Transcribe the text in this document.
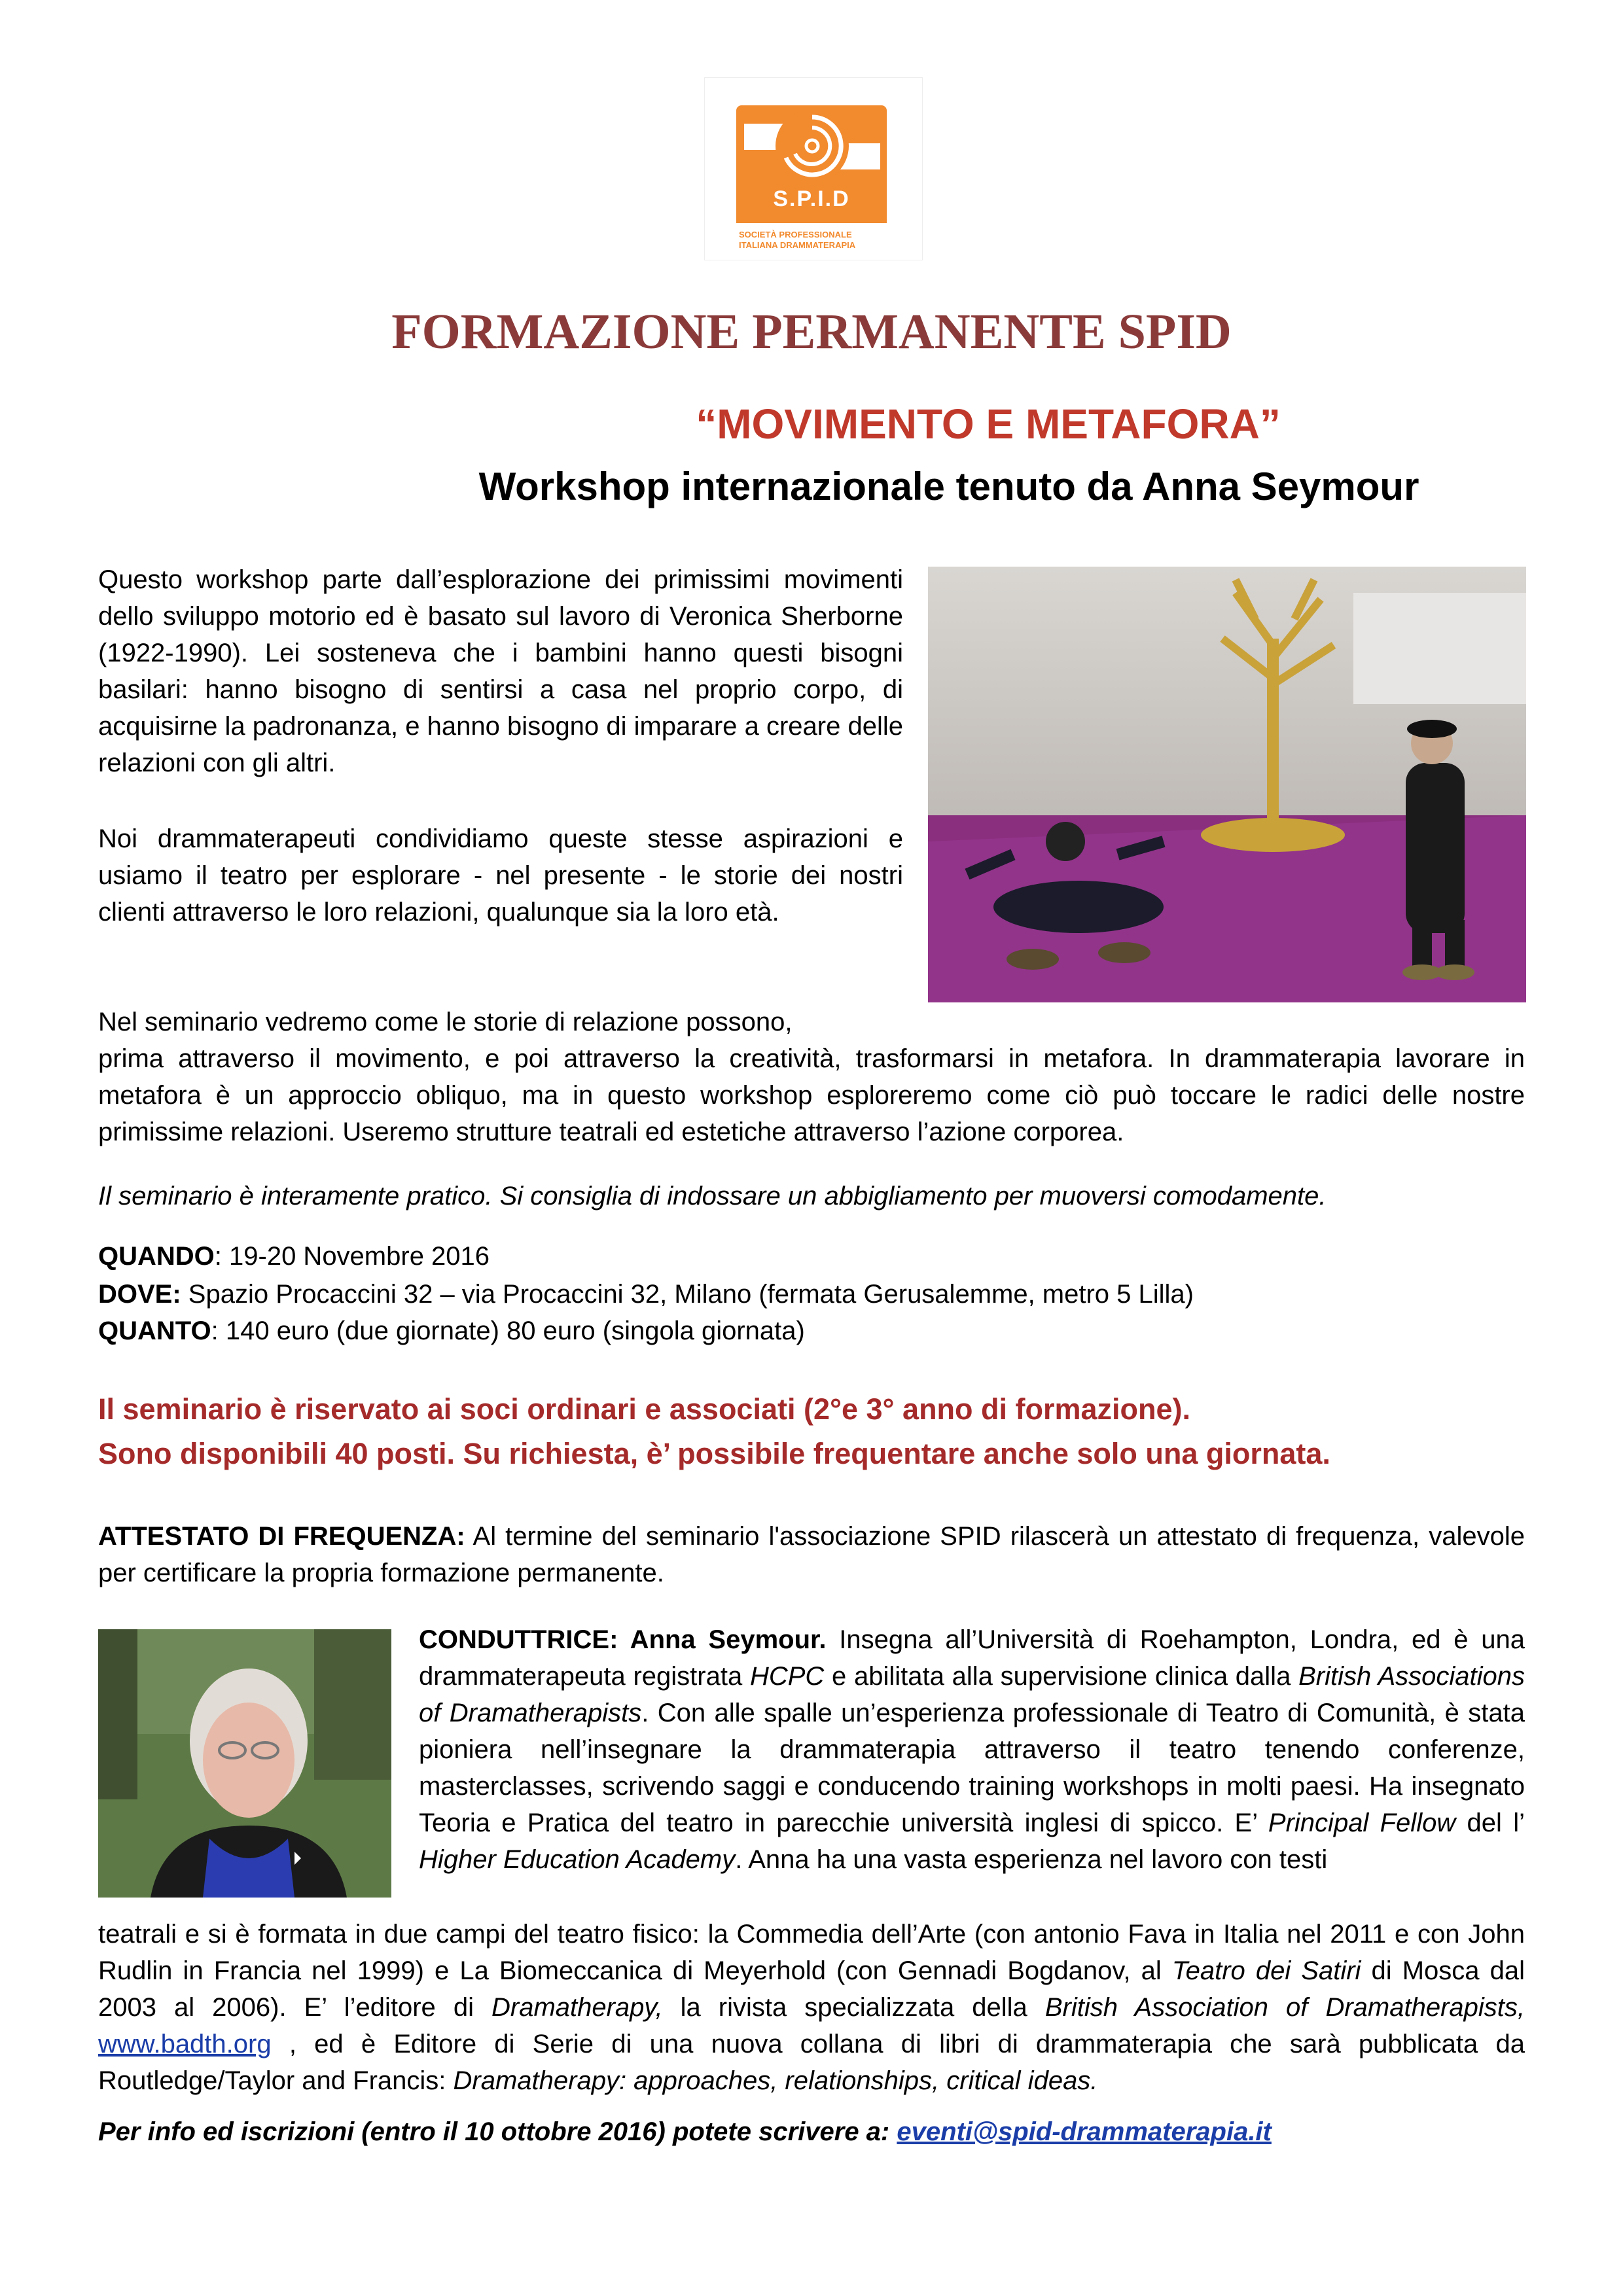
S.P.I.D
SOCIETÀ PROFESSIONALE
ITALIANA DRAMMATERAPIA
FORMAZIONE PERMANENTE SPID
“MOVIMENTO E METAFORA”
Workshop internazionale tenuto da Anna Seymour

Questo workshop parte dall’esplorazione dei primissimi movimenti dello sviluppo motorio ed è basato sul lavoro di Veronica Sherborne (1922-1990). Lei sosteneva che i bambini hanno questi bisogni basilari: hanno bisogno di sentirsi a casa nel proprio corpo, di acquisirne la padronanza, e hanno bisogno di imparare a creare delle relazioni con gli altri.

Noi drammaterapeuti condividiamo queste stesse aspirazioni e usiamo il teatro per esplorare - nel presente - le storie dei nostri clienti attraverso le loro relazioni, qualunque sia la loro età.

Nel seminario vedremo come le storie di relazione possono,

prima attraverso il movimento, e poi attraverso la creatività, trasformarsi in metafora. In drammaterapia lavorare in metafora è un approccio obliquo, ma in questo workshop esploreremo come ciò può toccare le radici delle nostre primissime relazioni. Useremo strutture teatrali ed estetiche attraverso l’azione corporea.

Il seminario è interamente pratico. Si consiglia di indossare un abbigliamento per muoversi comodamente.

QUANDO: 19-20 Novembre 2016

DOVE: Spazio Procaccini 32 – via Procaccini 32, Milano (fermata Gerusalemme, metro 5 Lilla)

QUANTO: 140 euro (due giornate) 80 euro (singola giornata)

Il seminario è riservato ai soci ordinari e associati (2°e 3° anno di formazione).

Sono disponibili 40 posti. Su richiesta, è’ possibile frequentare anche solo una giornata.

ATTESTATO DI FREQUENZA: Al termine del seminario l'associazione SPID rilascerà un attestato di frequenza, valevole per certificare la propria formazione permanente.

CONDUTTRICE: Anna Seymour. Insegna all’Università di Roehampton, Londra, ed è una drammaterapeuta registrata HCPC e abilitata alla supervisione clinica dalla British Associations of Dramatherapists. Con alle spalle un’esperienza professionale di Teatro di Comunità, è stata pioniera nell’insegnare la drammaterapia attraverso il teatro tenendo conferenze, masterclasses, scrivendo saggi e conducendo training workshops in molti paesi. Ha insegnato Teoria e Pratica del teatro in parecchie università inglesi di spicco. E’ Principal Fellow del l’ Higher Education Academy. Anna ha una vasta esperienza nel lavoro con testi

teatrali e si è formata in due campi del teatro fisico: la Commedia dell’Arte (con antonio Fava in Italia nel 2011 e con John Rudlin in Francia nel 1999) e La Biomeccanica di Meyerhold (con Gennadi Bogdanov, al Teatro dei Satiri di Mosca dal 2003 al 2006). E’ l’editore di Dramatherapy, la rivista specializzata della British Association of Dramatherapists, www.badth.org , ed è Editore di Serie di una nuova collana di libri di drammaterapia che sarà pubblicata da Routledge/Taylor and Francis: Dramatherapy: approaches, relationships, critical ideas.

Per info ed iscrizioni (entro il 10 ottobre 2016) potete scrivere a: eventi@spid-drammaterapia.it
